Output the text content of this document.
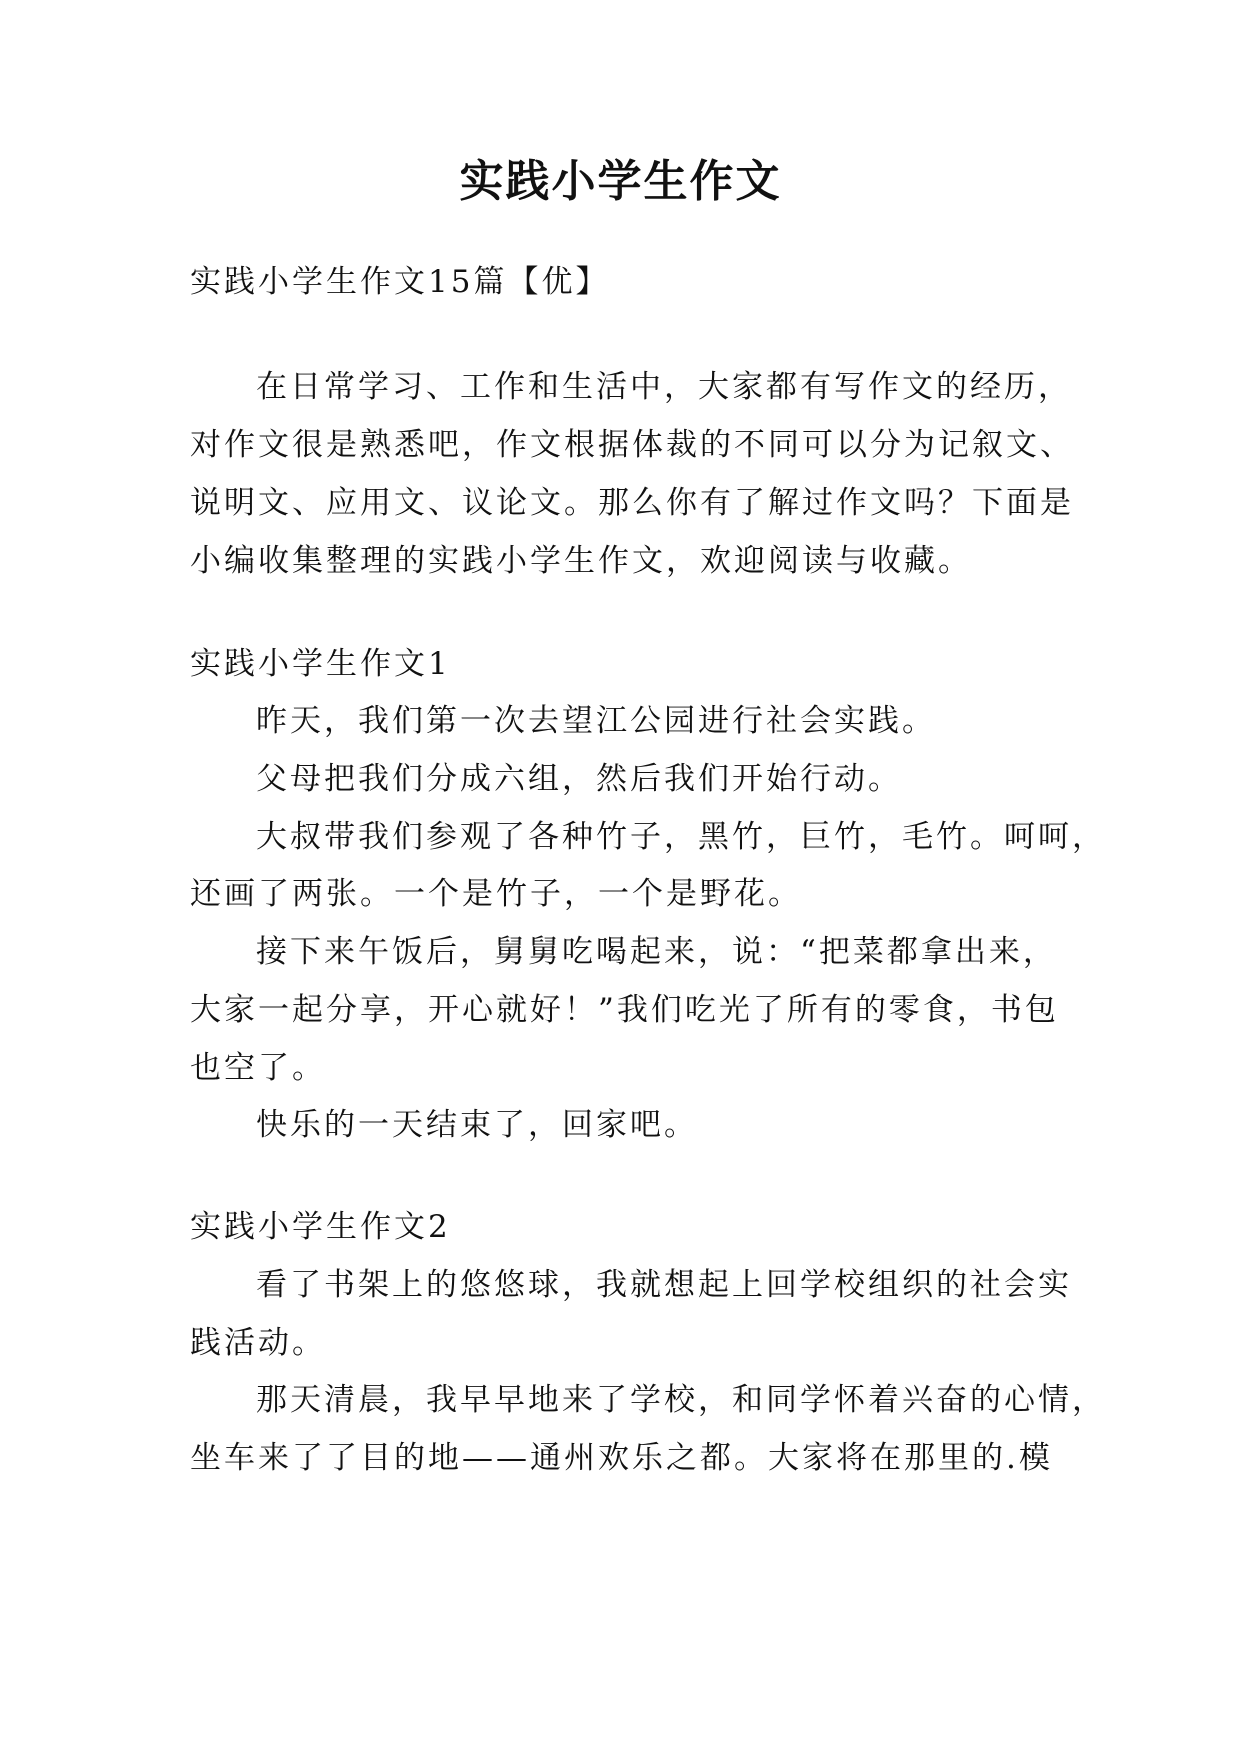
实践小学生作文
实践小学生作文15篇【优】
在日常学习、工作和生活中，大家都有写作文的经历，
对作文很是熟悉吧，作文根据体裁的不同可以分为记叙文、
说明文、应用文、议论文。那么你有了解过作文吗？下面是
小编收集整理的实践小学生作文，欢迎阅读与收藏。
实践小学生作文1
昨天，我们第一次去望江公园进行社会实践。
父母把我们分成六组，然后我们开始行动。
大叔带我们参观了各种竹子，黑竹，巨竹，毛竹。呵呵，
还画了两张。一个是竹子，一个是野花。
接下来午饭后，舅舅吃喝起来，说：“把菜都拿出来，
大家一起分享，开心就好！”我们吃光了所有的零食，书包
也空了。
快乐的一天结束了，回家吧。
实践小学生作文2
看了书架上的悠悠球，我就想起上回学校组织的社会实
践活动。
那天清晨，我早早地来了学校，和同学怀着兴奋的心情，
坐车来了了目的地——通州欢乐之都。大家将在那里的.模
